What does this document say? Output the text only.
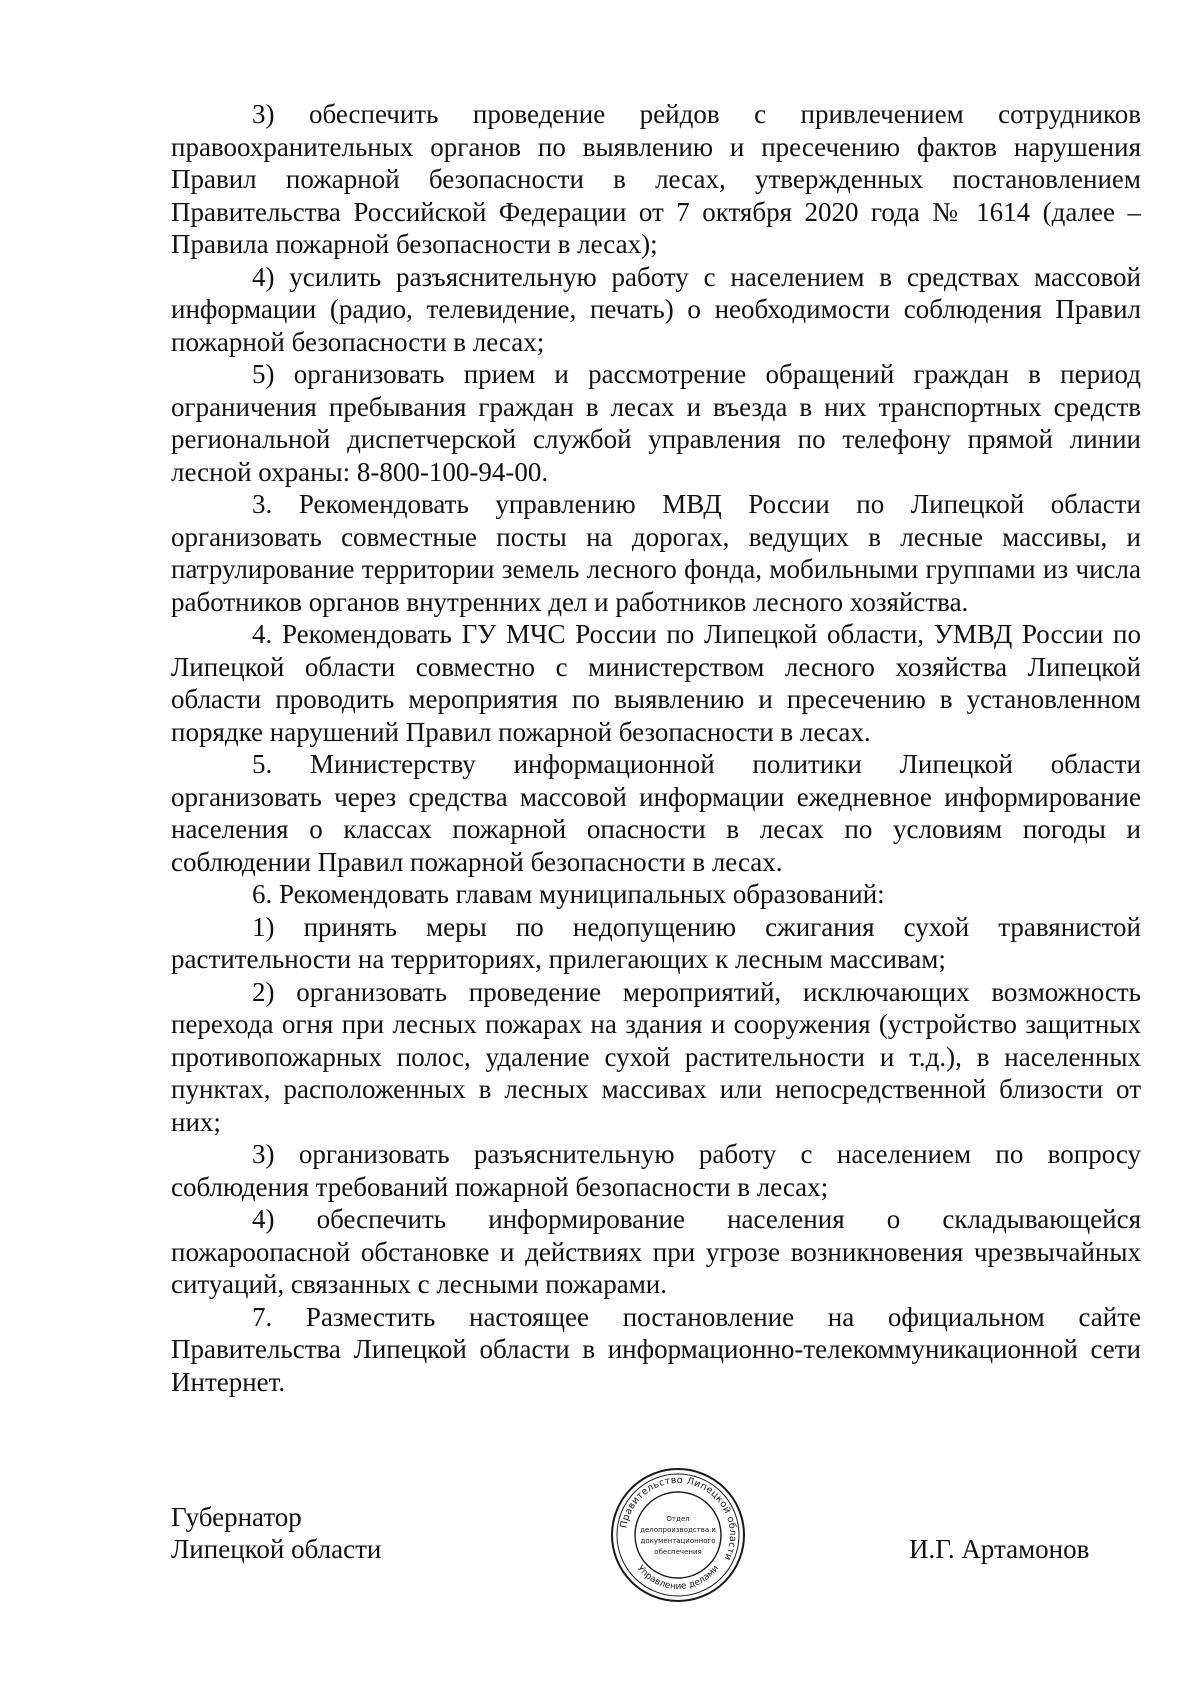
3) обеспечить проведение рейдов с привлечением сотрудников правоохранительных органов по выявлению и пресечению фактов нарушения Правил пожарной безопасности в лесах, утвержденных постановлением Правительства Российской Федерации от 7 октября 2020 года № 1614 (далее – Правила пожарной безопасности в лесах);

4) усилить разъяснительную работу с населением в средствах массовой информации (радио, телевидение, печать) о необходимости соблюдения Правил пожарной безопасности в лесах;

5) организовать прием и рассмотрение обращений граждан в период ограничения пребывания граждан в лесах и въезда в них транспортных средств региональной диспетчерской службой управления по телефону прямой линии лесной охраны: 8-800-100-94-00.

3. Рекомендовать управлению МВД России по Липецкой области организовать совместные посты на дорогах, ведущих в лесные массивы, и патрулирование территории земель лесного фонда, мобильными группами из числа работников органов внутренних дел и работников лесного хозяйства.

4. Рекомендовать ГУ МЧС России по Липецкой области, УМВД России по Липецкой области совместно с министерством лесного хозяйства Липецкой области проводить мероприятия по выявлению и пресечению в установленном порядке нарушений Правил пожарной безопасности в лесах.

5. Министерству информационной политики Липецкой области организовать через средства массовой информации ежедневное информирование населения о классах пожарной опасности в лесах по условиям погоды и соблюдении Правил пожарной безопасности в лесах.

6. Рекомендовать главам муниципальных образований:

1) принять меры по недопущению сжигания сухой травянистой растительности на территориях, прилегающих к лесным массивам;

2) организовать проведение мероприятий, исключающих возможность перехода огня при лесных пожарах на здания и сооружения (устройство защитных противопожарных полос, удаление сухой растительности и т.д.), в населенных пунктах, расположенных в лесных массивах или непосредственной близости от них;

3) организовать разъяснительную работу с населением по вопросу соблюдения требований пожарной безопасности в лесах;

4) обеспечить информирование населения о складывающейся пожароопасной обстановке и действиях при угрозе возникновения чрезвычайных ситуаций, связанных с лесными пожарами.

7. Разместить настоящее постановление на официальном сайте Правительства Липецкой области в информационно-телекоммуникационной сети Интернет.

Губернатор
Липецкой области
Правительство Липецкой области
Управление делами
Отдел
делопроизводства и
документационного
обеспечения	И.Г. Артамонов
